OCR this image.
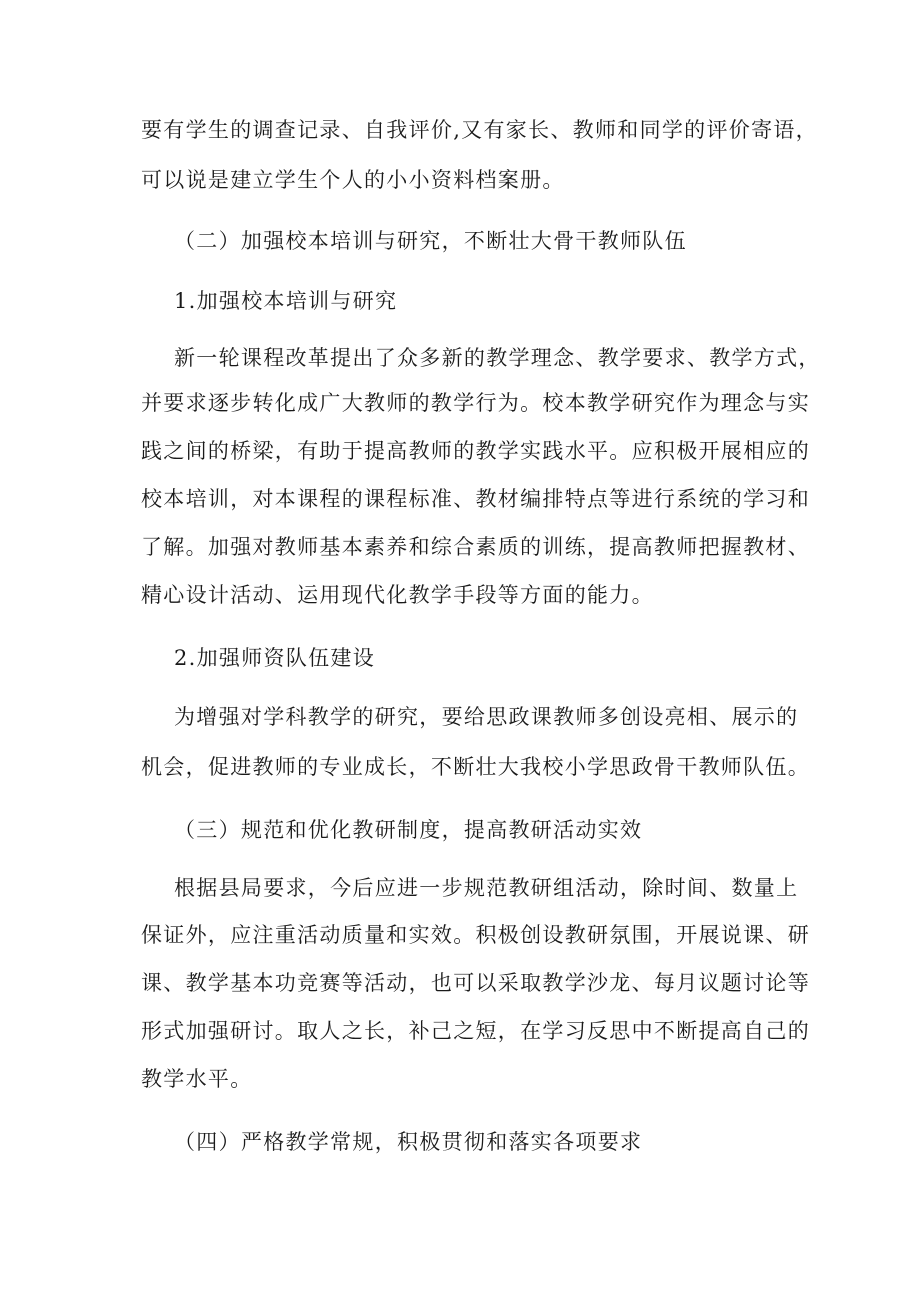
要有学生的调查记录、自我评价,又有家长、教师和同学的评价寄语，
可以说是建立学生个人的小小资料档案册。
（二）加强校本培训与研究，不断壮大骨干教师队伍
1.加强校本培训与研究
新一轮课程改革提出了众多新的教学理念、教学要求、教学方式，
并要求逐步转化成广大教师的教学行为。校本教学研究作为理念与实
践之间的桥梁，有助于提高教师的教学实践水平。应积极开展相应的
校本培训，对本课程的课程标准、教材编排特点等进行系统的学习和
了解。加强对教师基本素养和综合素质的训练，提高教师把握教材、
精心设计活动、运用现代化教学手段等方面的能力。
2.加强师资队伍建设
为增强对学科教学的研究，要给思政课教师多创设亮相、展示的
机会，促进教师的专业成长，不断壮大我校小学思政骨干教师队伍。
（三）规范和优化教研制度，提高教研活动实效
根据县局要求，今后应进一步规范教研组活动，除时间、数量上
保证外，应注重活动质量和实效。积极创设教研氛围，开展说课、研
课、教学基本功竞赛等活动，也可以采取教学沙龙、每月议题讨论等
形式加强研讨。取人之长，补己之短，在学习反思中不断提高自己的
教学水平。
（四）严格教学常规，积极贯彻和落实各项要求
